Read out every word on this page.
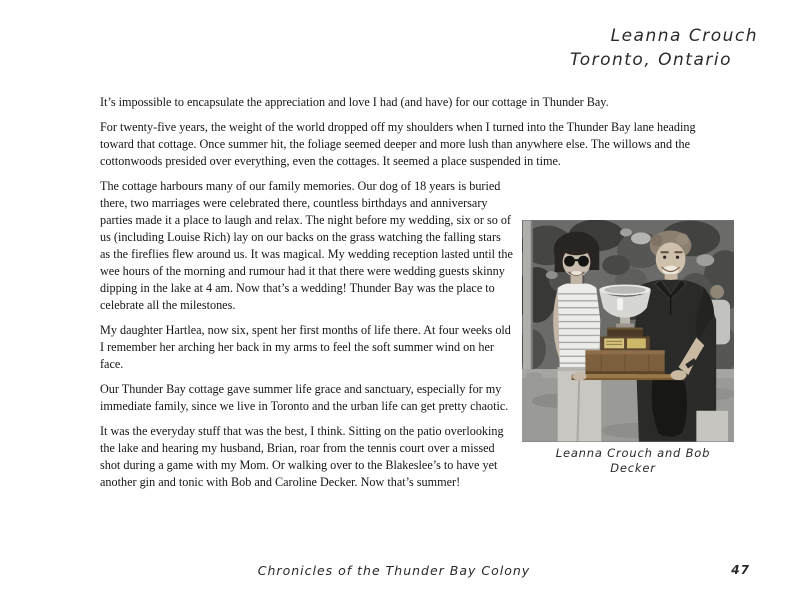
Leanna Crouch
Toronto, Ontario

It’s impossible to encapsulate the appreciation and love I had (and have) for our cottage in Thunder Bay.

For twenty-five years, the weight of the world dropped off my shoulders when I turned into the Thunder Bay lane heading toward that cottage. Once summer hit, the foliage seemed deeper and more lush than anywhere else. The willows and the cottonwoods presided over everything, even the cottages. It seemed a place suspended in time.

Leanna Crouch and Bob Decker

The cottage harbours many of our family memories. Our dog of 18 years is buried there, two marriages were celebrated there, countless birthdays and anniversary parties made it a place to laugh and relax. The night before my wedding, six or so of us (including Louise Rich) lay on our backs on the grass watching the falling stars as the fireflies flew around us. It was magical. My wedding reception lasted until the wee hours of the morning and rumour had it that there were wedding guests skinny dipping in the lake at 4 am. Now that’s a wedding! Thunder Bay was the place to celebrate all the milestones.

My daughter Hartlea, now six, spent her first months of life there. At four weeks old I remember her arching her back in my arms to feel the soft summer wind on her face.

Our Thunder Bay cottage gave summer life grace and sanctuary, especially for my immediate family, since we live in Toronto and the urban life can get pretty chaotic.

It was the everyday stuff that was the best, I think. Sitting on the patio overlooking the lake and hearing my husband, Brian, roar from the tennis court over a missed shot during a game with my Mom. Or walking over to the Blakeslee’s to have yet another gin and tonic with Bob and Caroline Decker. Now that’s summer!

Chronicles of the Thunder Bay Colony	47
